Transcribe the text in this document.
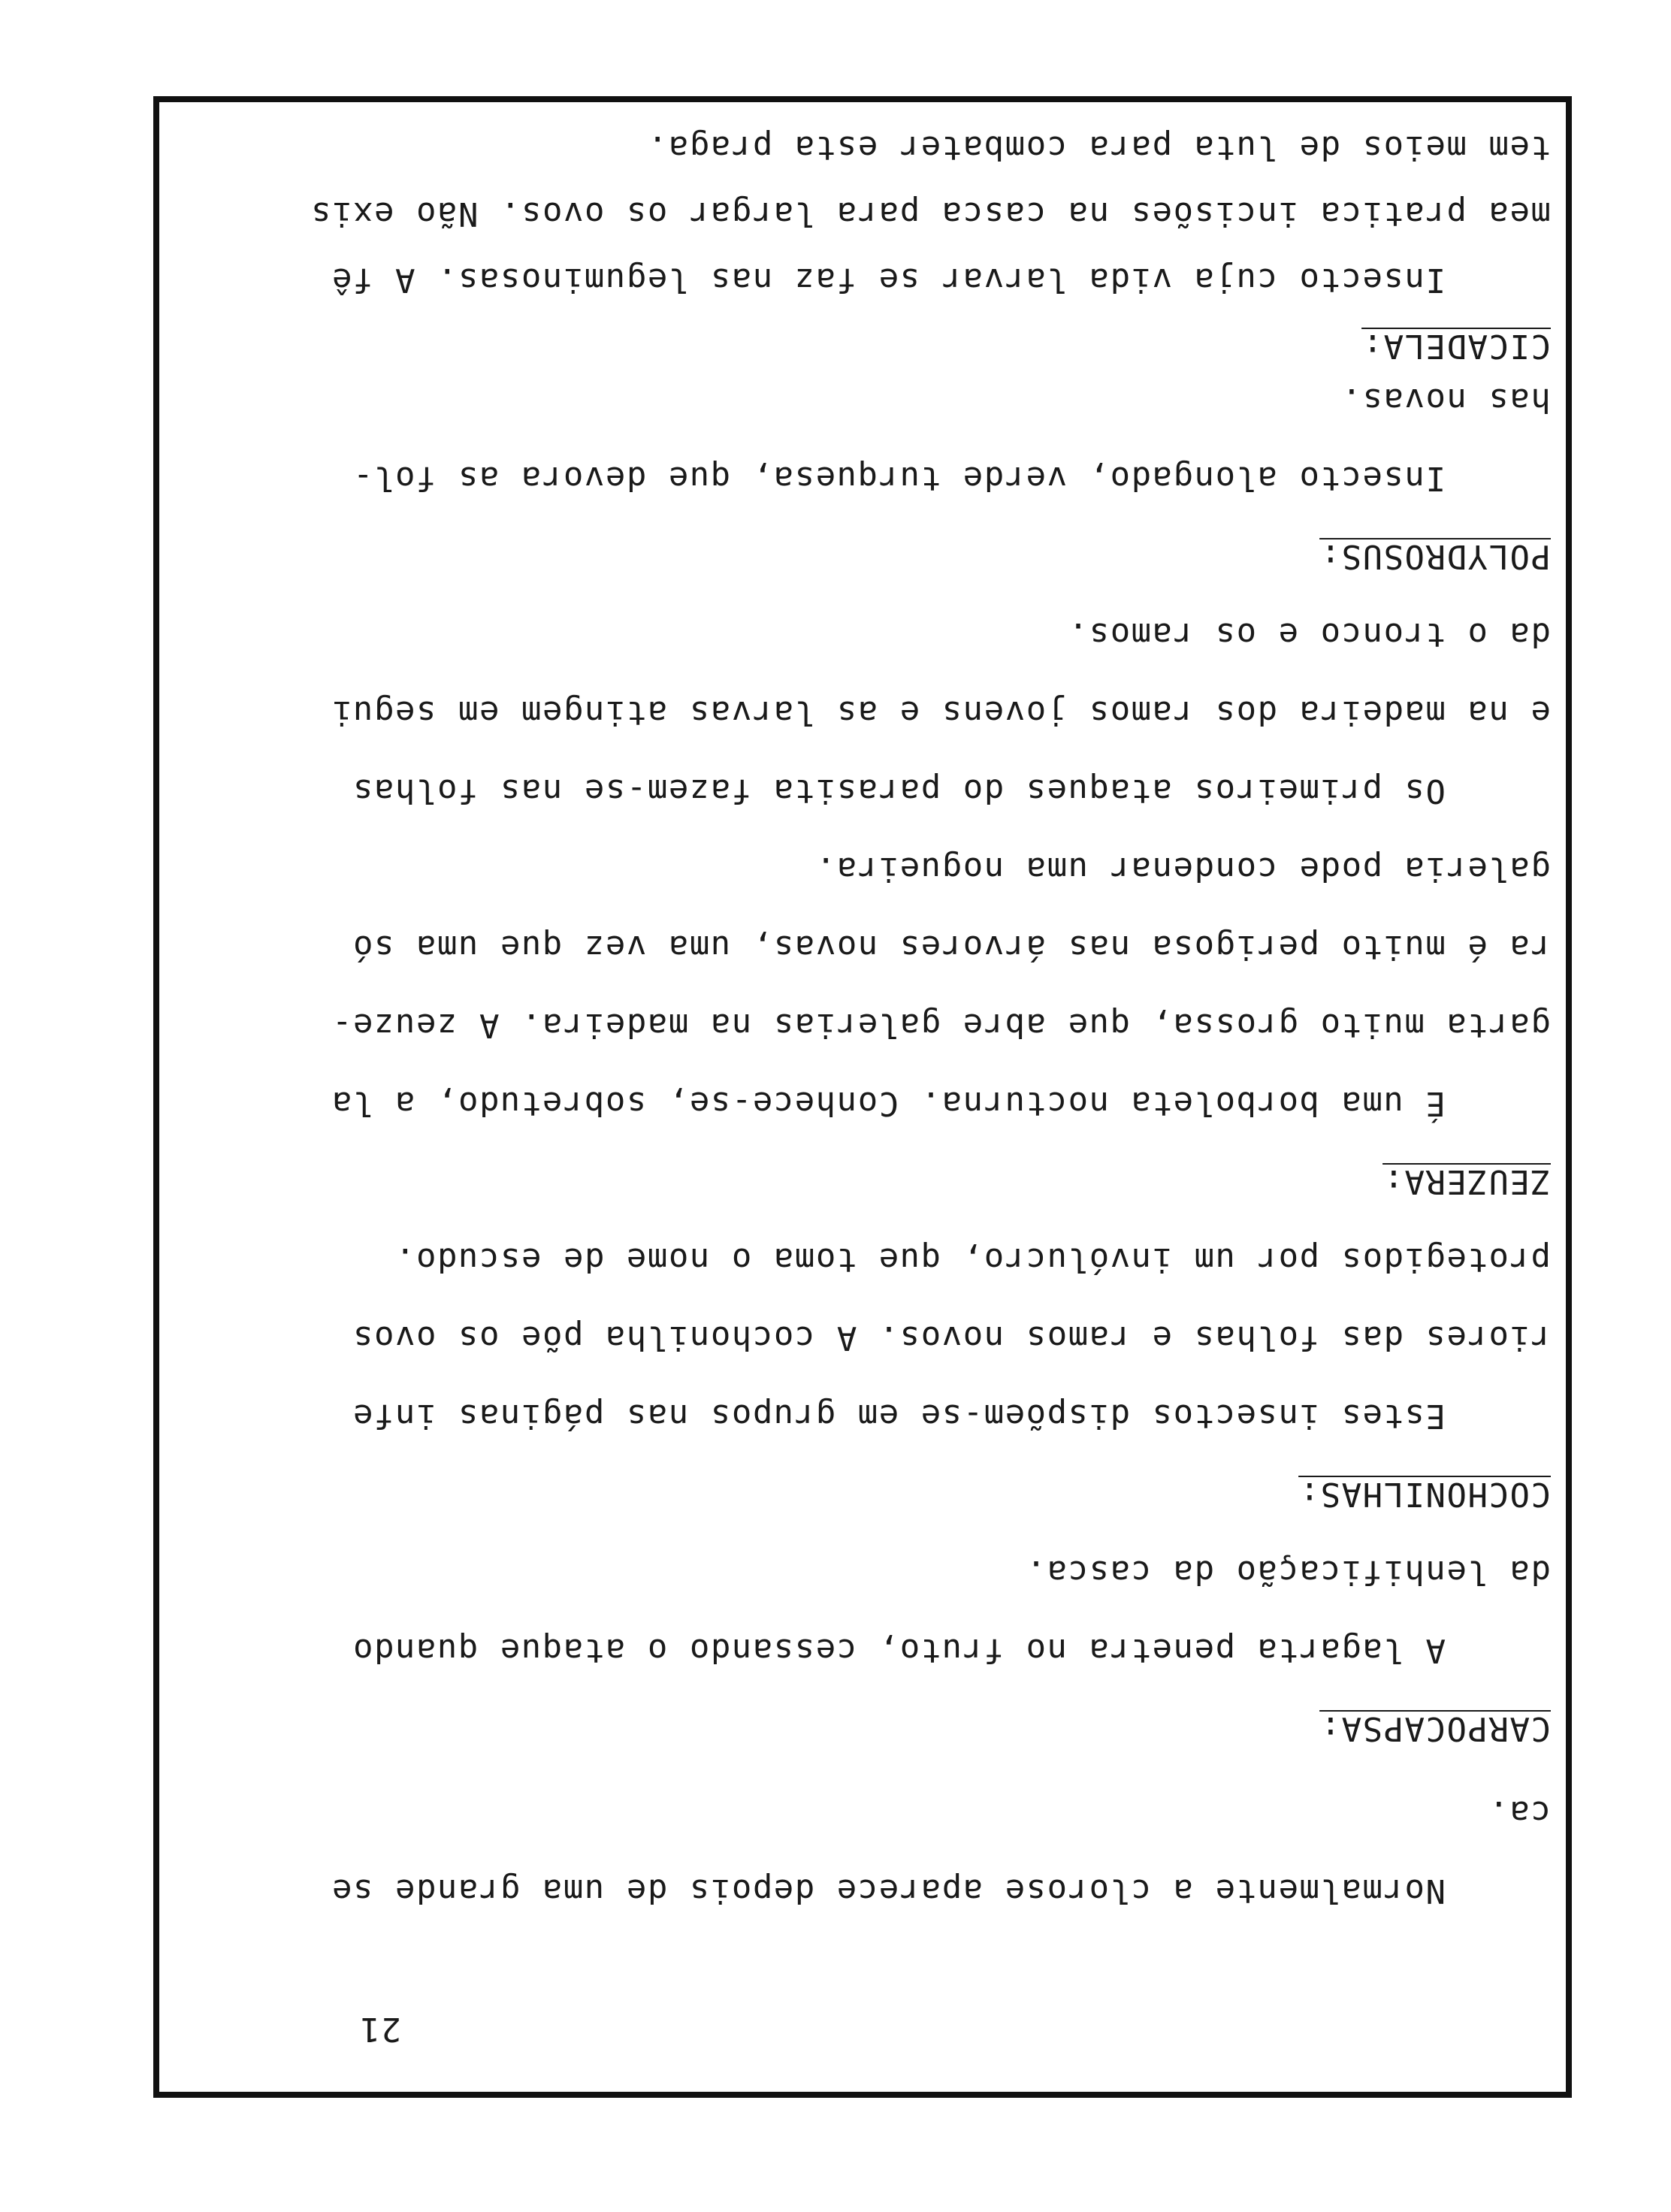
21
Normalmente a clorose aparece depois de uma grande se
ca.
CARPOCAPSA:
A lagarta penetra no fruto, cessando o ataque quando
da lenhificação da casca.
COCHONILHAS:
Estes insectos dispõem-se em grupos nas páginas infe
riores das folhas e ramos novos. A cochonilha põe os ovos
protegidos por um invólucro, que toma o nome de escudo.
ZEUZERA:
É uma borboleta nocturna. Conhece-se, sobretudo, a la
garta muito grossa, que abre galerias na madeira. A zeuze-
ra é muito perigosa nas árvores novas, uma vez que uma só
galeria pode condenar uma nogueira.
Os primeiros ataques do parasita fazem-se nas folhas
e na madeira dos ramos jovens e as larvas atingem em segui
da o tronco e os ramos.
POLYDROSUS:
Insecto alongado, verde turquesa, que devora as fol-
has novas.
CICADELA:
Insecto cuja vida larvar se faz nas leguminosas. A fê
mea pratica incisões na casca para largar os ovos. Não exis
tem meios de luta para combater esta praga.
